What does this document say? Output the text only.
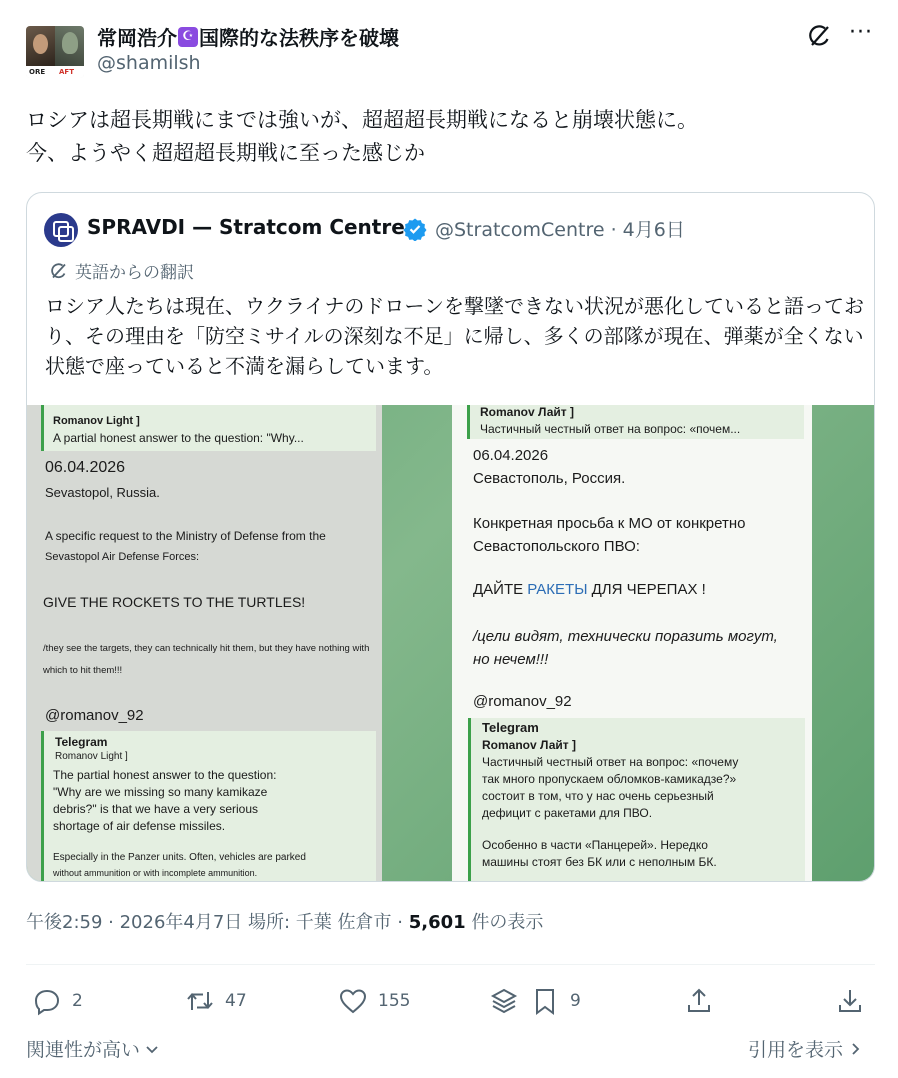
ORE AFT
常岡浩介 ☪ 国際的な法秩序を破壊
@shamilsh
···
ロシアは超長期戦にまでは強いが、超超超長期戦になると崩壊状態に。
今、ようやく超超超長期戦に至った感じか
SPRAVDI — Stratcom Centre @StratcomCentre · 4月6日
英語からの翻訳
ロシア人たちは現在、ウクライナのドローンを撃墜できない状況が悪化していると語っており、その理由を「防空ミサイルの深刻な不足」に帰し、多くの部隊が現在、弾薬が全くない状態で座っていると不満を漏らしています。
Romanov Light ]
A partial honest answer to the question: "Why...
06.04.2026
Sevastopol, Russia.
A specific request to the Ministry of Defense from the
Sevastopol Air Defense Forces:
GIVE THE ROCKETS TO THE TURTLES!
/they see the targets, they can technically hit them, but they have nothing with
which to hit them!!!
@romanov_92
Telegram
Romanov Light ]
The partial honest answer to the question:
"Why are we missing so many kamikaze
debris?" is that we have a very serious
shortage of air defense missiles.
Especially in the Panzer units. Often, vehicles are parked
without ammunition or with incomplete ammunition.
Romanov Лайт ]
Частичный честный ответ на вопрос: «почем...
06.04.2026
Севастополь, Россия.
Конкретная просьба к МО от конкретно
Севастопольского ПВО:
ДАЙТЕ РАКЕТЫ ДЛЯ ЧЕРЕПАХ !
/цели видят, технически поразить могут,
но нечем!!!
@romanov_92
Telegram
Romanov Лайт ]
Частичный честный ответ на вопрос: «почему
так много пропускаем обломков-камикадзе?»
состоит в том, что у нас очень серьезный
дефицит с ракетами для ПВО.
Особенно в части «Панцерей». Нередко
машины стоят без БК или с неполным БК.
午後2:59 · 2026年4月7日 場所: 千葉 佐倉市 · 5,601 件の表示
2	47	155	9
関連性が高い	引用を表示
